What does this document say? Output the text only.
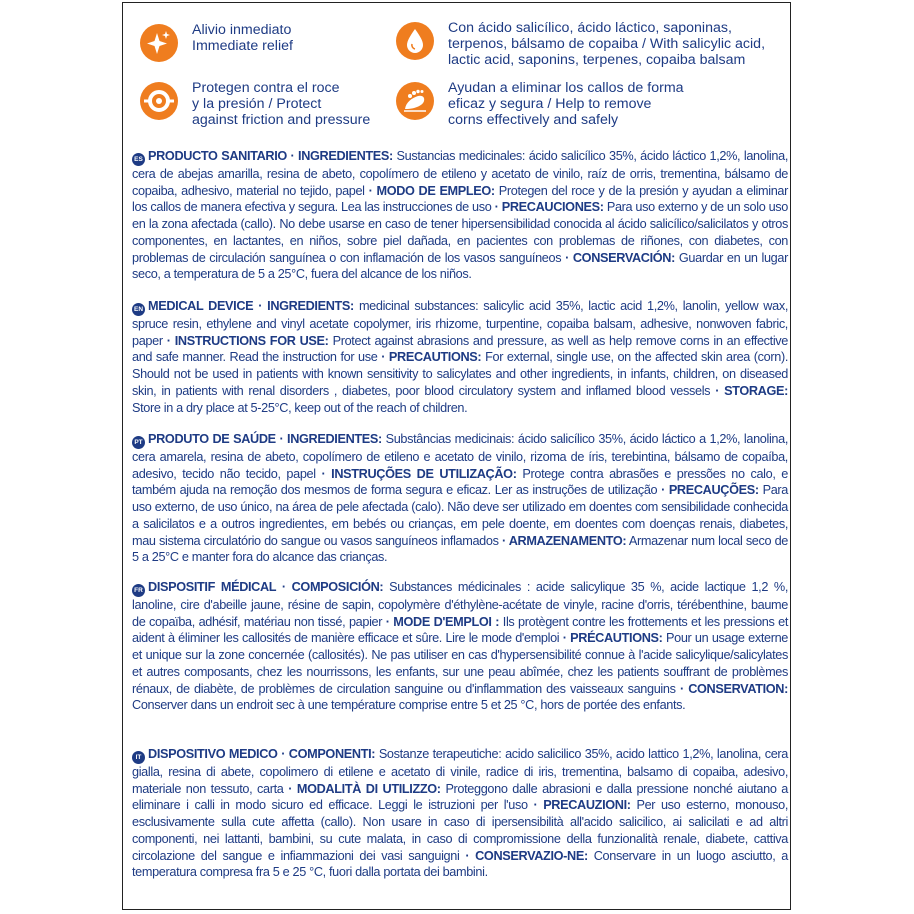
Alivio inmediato
Immediate relief
Con ácido salicílico, ácido láctico, saponinas,
terpenos, bálsamo de copaiba / With salicylic acid,
lactic acid, saponins, terpenes, copaiba balsam
Protegen contra el roce
y la presión / Protect
against friction and pressure
Ayudan a eliminar los callos de forma
eficaz y segura / Help to remove
corns effectively and safely
ES PRODUCTO SANITARIO · INGREDIENTES: Sustancias medicinales: ácido salicílico 35%, ácido láctico 1,2%, lanolina, cera de abejas amarilla, resina de abeto, copolímero de etileno y acetato de vinilo, raíz de orris, trementina, bálsamo de copaiba, adhesivo, material no tejido, papel · MODO DE EMPLEO: Protegen del roce y de la presión y ayudan a eliminar los callos de manera efectiva y segura. Lea las instrucciones de uso · PRECAUCIONES: Para uso externo y de un solo uso en la zona afectada (callo). No debe usarse en caso de tener hipersensibilidad conocida al ácido salicílico/salicilatos y otros componentes, en lactantes, en niños, sobre piel dañada, en pacientes con problemas de riñones, con diabetes, con problemas de circulación sanguínea o con inflamación de los vasos sanguíneos · CONSERVACIÓN: Guardar en un lugar seco, a temperatura de 5 a 25°C, fuera del alcance de los niños.
EN MEDICAL DEVICE · INGREDIENTS: medicinal substances: salicylic acid 35%, lactic acid 1,2%, lanolin, yellow wax, spruce resin, ethylene and vinyl acetate copolymer, iris rhizome, turpentine, copaiba balsam, adhesive, nonwoven fabric, paper · INSTRUCTIONS FOR USE: Protect against abrasions and pressure, as well as help remove corns in an effective and safe manner. Read the instruction for use · PRECAUTIONS: For external, single use, on the affected skin area (corn). Should not be used in patients with known sensitivity to salicylates and other ingredients, in infants, children, on diseased skin, in patients with renal disorders , diabetes, poor blood circulatory system and inflamed blood vessels · STORAGE: Store in a dry place at 5-25°C, keep out of the reach of children.
PT PRODUTO DE SAÚDE · INGREDIENTES: Substâncias medicinais: ácido salicílico 35%, ácido láctico a 1,2%, lanolina, cera amarela, resina de abeto, copolímero de etileno e acetato de vinilo, rizoma de íris, terebintina, bálsamo de copaíba, adesivo, tecido não tecido, papel · INSTRUÇÕES DE UTILIZAÇÃO: Protege contra abrasões e pressões no calo, e também ajuda na remoção dos mesmos de forma segura e eficaz. Ler as instruções de utilização · PRECAUÇÕES: Para uso externo, de uso único, na área de pele afectada (calo). Não deve ser utilizado em doentes com sensibilidade conhecida a salicilatos e a outros ingredientes, em bebés ou crianças, em pele doente, em doentes com doenças renais, diabetes, mau sistema circulatório do sangue ou vasos sanguíneos inflamados · ARMAZENAMENTO: Armazenar num local seco de 5 a 25°C e manter fora do alcance das crianças.
FR DISPOSITIF MÉDICAL · COMPOSICIÓN: Substances médicinales : acide salicylique 35 %, acide lactique 1,2 %, lanoline, cire d'abeille jaune, résine de sapin, copolymère d'éthylène-acétate de vinyle, racine d'orris, térébenthine, baume de copaïba, adhésif, matériau non tissé, papier · MODE D'EMPLOI : Ils protègent contre les frottements et les pressions et aident à éliminer les callosités de manière efficace et sûre. Lire le mode d'emploi · PRÉCAUTIONS: Pour un usage externe et unique sur la zone concernée (callosités). Ne pas utiliser en cas d'hypersensibilité connue à l'acide salicylique/salicylates et autres composants, chez les nourrissons, les enfants, sur une peau abîmée, chez les patients souffrant de problèmes rénaux, de diabète, de problèmes de circulation sanguine ou d'inflammation des vaisseaux sanguins · CONSERVATION: Conserver dans un endroit sec à une température comprise entre 5 et 25 °C, hors de portée des enfants.
IT DISPOSITIVO MEDICO · COMPONENTI: Sostanze terapeutiche: acido salicilico 35%, acido lattico 1,2%, lanolina, cera gialla, resina di abete, copolimero di etilene e acetato di vinile, radice di iris, trementina, balsamo di copaiba, adesivo, materiale non tessuto, carta · MODALITÀ DI UTILIZZO: Proteggono dalle abrasioni e dalla pressione nonché aiutano a eliminare i calli in modo sicuro ed efficace. Leggi le istruzioni per l'uso · PRECAUZIONI: Per uso esterno, monouso, esclusivamente sulla cute affetta (callo). Non usare in caso di ipersensibilità all'acido salicilico, ai salicilati e ad altri componenti, nei lattanti, bambini, su cute malata, in caso di compromissione della funzionalità renale, diabete, cattiva circolazione del sangue e infiammazioni dei vasi sanguigni · CONSERVAZIO-NE: Conservare in un luogo asciutto, a temperatura compresa fra 5 e 25 °C, fuori dalla portata dei bambini.
